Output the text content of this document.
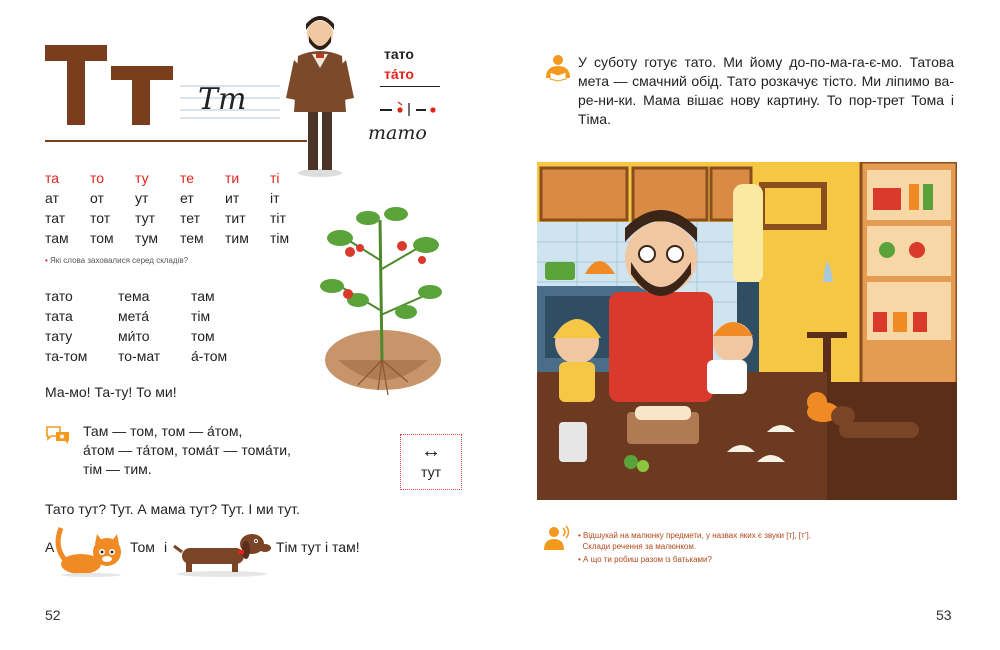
Тт
тато
та́то
тато
та	то	ту	те	ти	ті
ат	от	ут	ет	ит	іт
тат	тот	тут	тет	тит	тіт
там	том	тум	тем	тим	тім
• Які слова заховалися серед складів?
тато	тема	там
тата	мета́	тім
тату	ми́то	том
та-том	то-мат	а́-том
Ма-мо! Та-ту! То ми!
Там — том, том — а́том,
а́том — та́том, тома́т — тома́ти,
тім — тим.
↔
тут
Тато тут? Тут. А мама тут? Тут. І ми тут.
А	Том і	Тім тут і там!
52
У суботу готує тато. Ми йому до-по-ма-га-є-мо. Татова мета — смачний обід. Тато розкачує тісто. Ми ліпимо ва-ре-ни-ки. Мама вішає нову картину. То пор-трет Тома і Тіма.
• Відшукай на малюнку предмети, у назвах яких є звуки [т], [т’].
Склади речення за малюнком.
• А що ти робиш разом із батьками?
53
